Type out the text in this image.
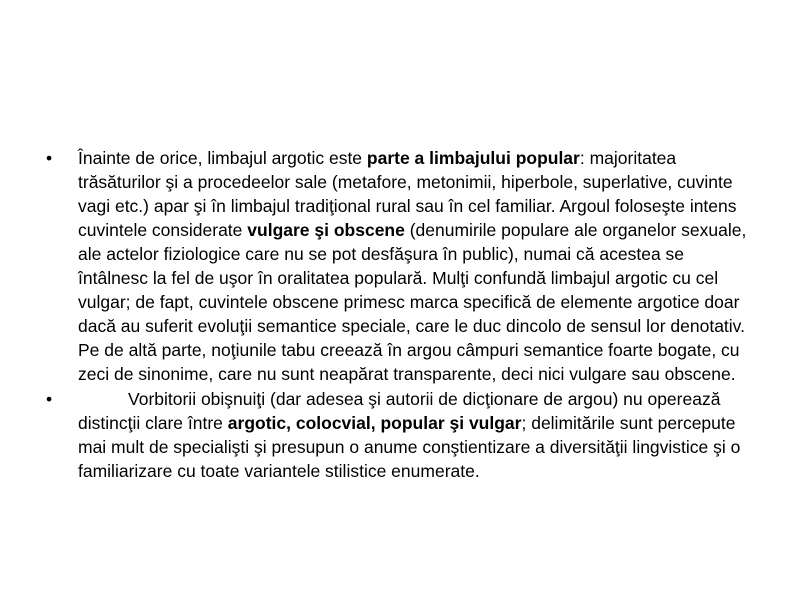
•	Înainte de orice, limbajul argotic este parte a limbajului popular: majoritatea trăsăturilor şi a procedeelor sale (metafore, metonimii, hiperbole, superlative, cuvinte vagi etc.) apar şi în limbajul tradiţional rural sau în cel familiar. Argoul foloseşte intens cuvintele considerate vulgare şi obscene (denumirile populare ale organelor sexuale, ale actelor fiziologice care nu se pot desfăşura în public), numai că acestea se întâlnesc la fel de uşor în oralitatea populară. Mulţi confundă limbajul argotic cu cel vulgar; de fapt, cuvintele obscene primesc marca specifică de elemente argotice doar dacă au suferit evoluţii semantice speciale, care le duc dincolo de sensul lor denotativ. Pe de altă parte, noţiunile tabu creează în argou câmpuri semantice foarte bogate, cu zeci de sinonime, care nu sunt neapărat transparente, deci nici vulgare sau obscene.
•	Vorbitorii obişnuiţi (dar adesea şi autorii de dicţionare de argou) nu operează distincţii clare între argotic, colocvial, popular şi vulgar; delimitările sunt percepute mai mult de specialişti şi presupun o anume conştientizare a diversităţii lingvistice şi o familiarizare cu toate variantele stilistice enumerate.
